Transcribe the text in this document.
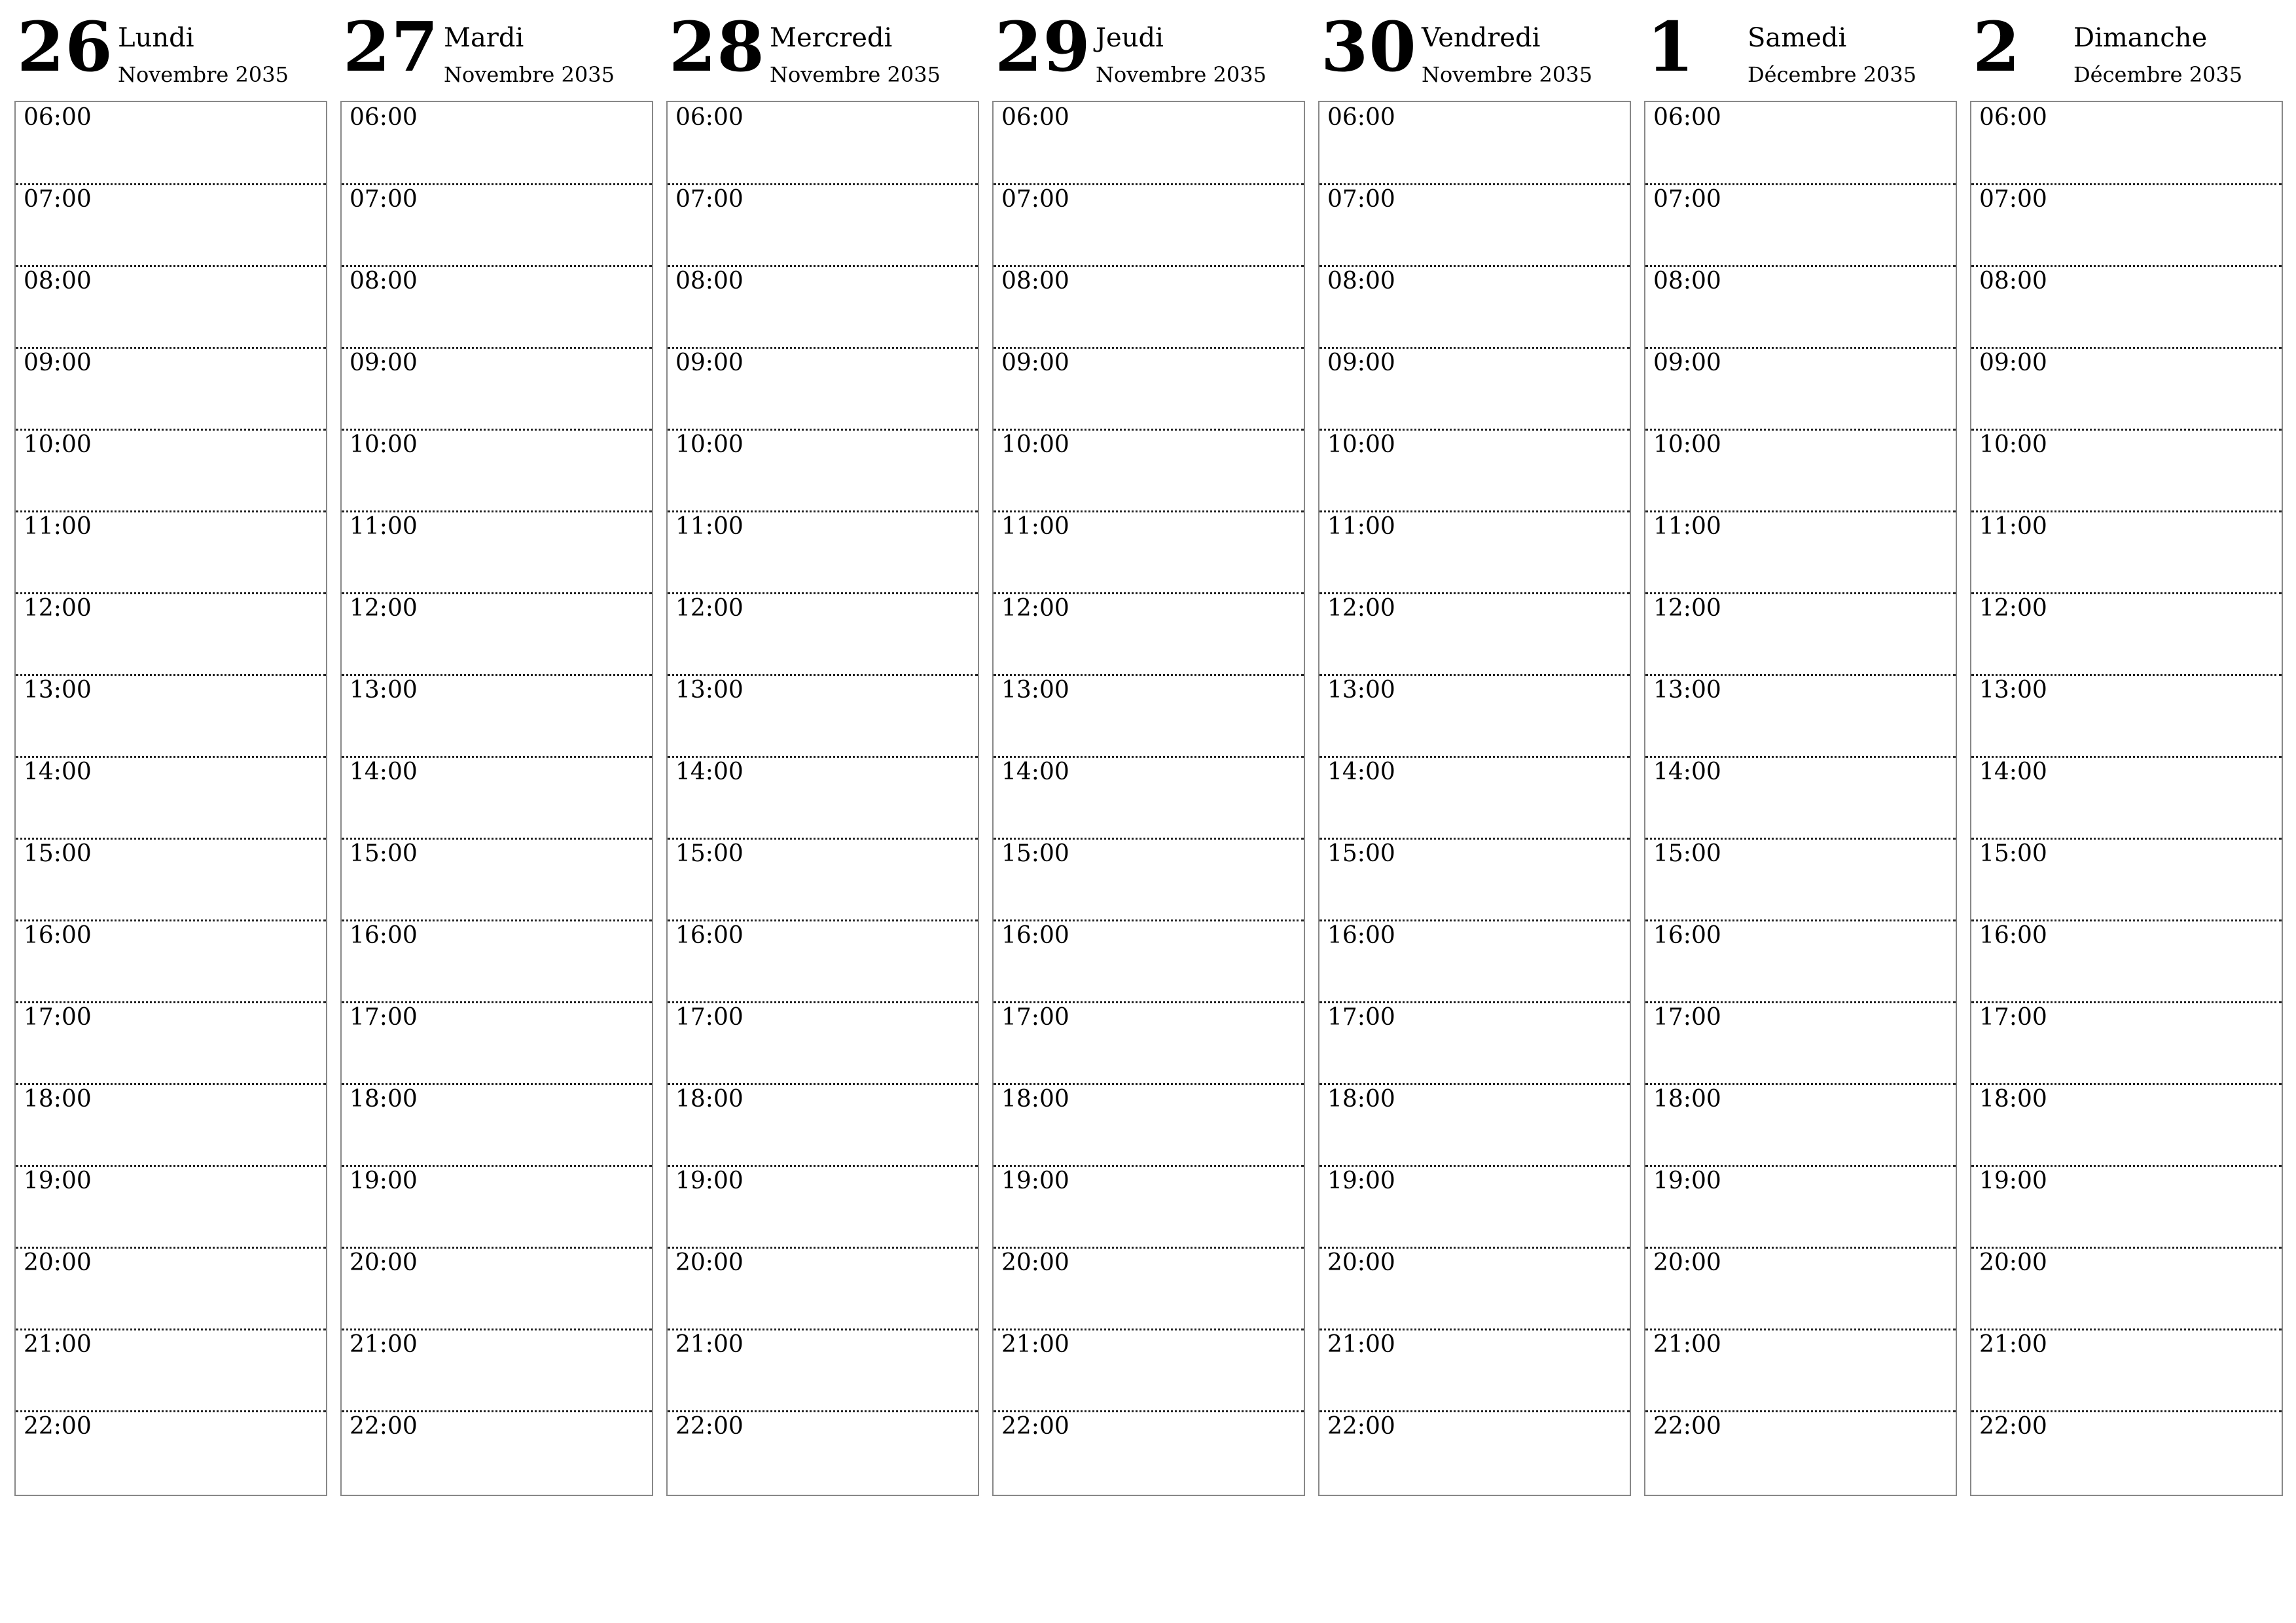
26 Lundi
Novembre 2035
06:00
07:00
08:00
09:00
10:00
11:00
12:00
13:00
14:00
15:00
16:00
17:00
18:00
19:00
20:00
21:00
22:00
27 Mardi
Novembre 2035
06:00
07:00
08:00
09:00
10:00
11:00
12:00
13:00
14:00
15:00
16:00
17:00
18:00
19:00
20:00
21:00
22:00
28 Mercredi
Novembre 2035
06:00
07:00
08:00
09:00
10:00
11:00
12:00
13:00
14:00
15:00
16:00
17:00
18:00
19:00
20:00
21:00
22:00
29 Jeudi
Novembre 2035
06:00
07:00
08:00
09:00
10:00
11:00
12:00
13:00
14:00
15:00
16:00
17:00
18:00
19:00
20:00
21:00
22:00
30 Vendredi
Novembre 2035
06:00
07:00
08:00
09:00
10:00
11:00
12:00
13:00
14:00
15:00
16:00
17:00
18:00
19:00
20:00
21:00
22:00
1 Samedi
Décembre 2035
06:00
07:00
08:00
09:00
10:00
11:00
12:00
13:00
14:00
15:00
16:00
17:00
18:00
19:00
20:00
21:00
22:00
2 Dimanche
Décembre 2035
06:00
07:00
08:00
09:00
10:00
11:00
12:00
13:00
14:00
15:00
16:00
17:00
18:00
19:00
20:00
21:00
22:00
